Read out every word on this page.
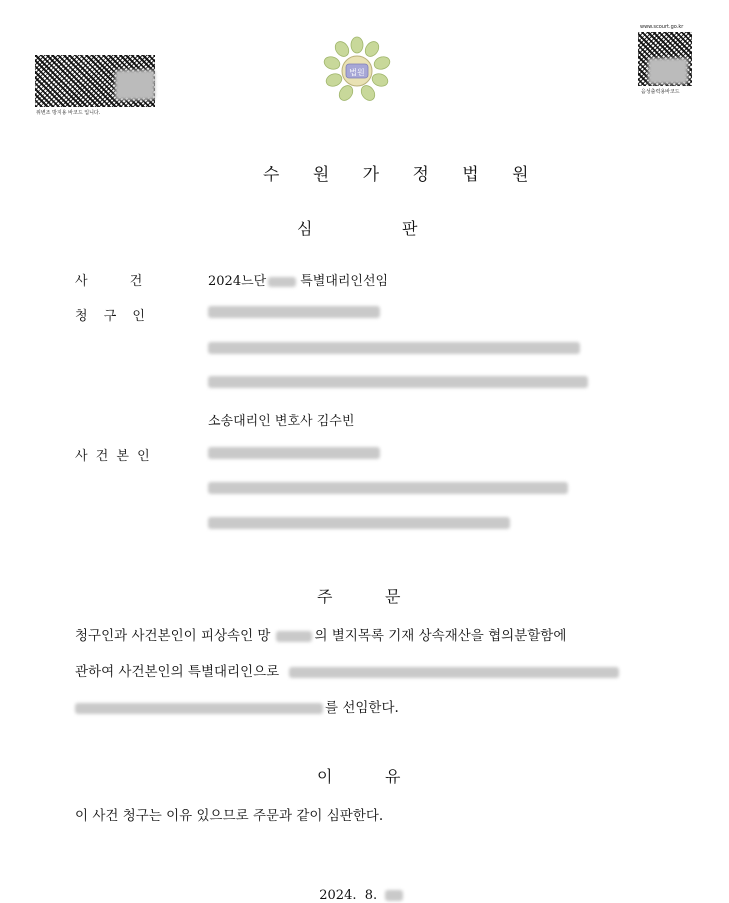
위변조 방지용 바코드 입니다.
법원
www.scourt.go.kr
음성출력용바코드
수 원 가 정 법 원
심	판
사 건	2024느단	특별대리인선임
청 구 인
소송대리인 변호사 김수빈
사 건 본 인
주	문
청구인과 사건본인이 피상속인 망	의 별지목록 기재 상속재산을 협의분할함에
관하여 사건본인의 특별대리인으로
를 선임한다.
이	유
이 사건 청구는 이유 있으므로 주문과 같이 심판한다.

2024.  8.
